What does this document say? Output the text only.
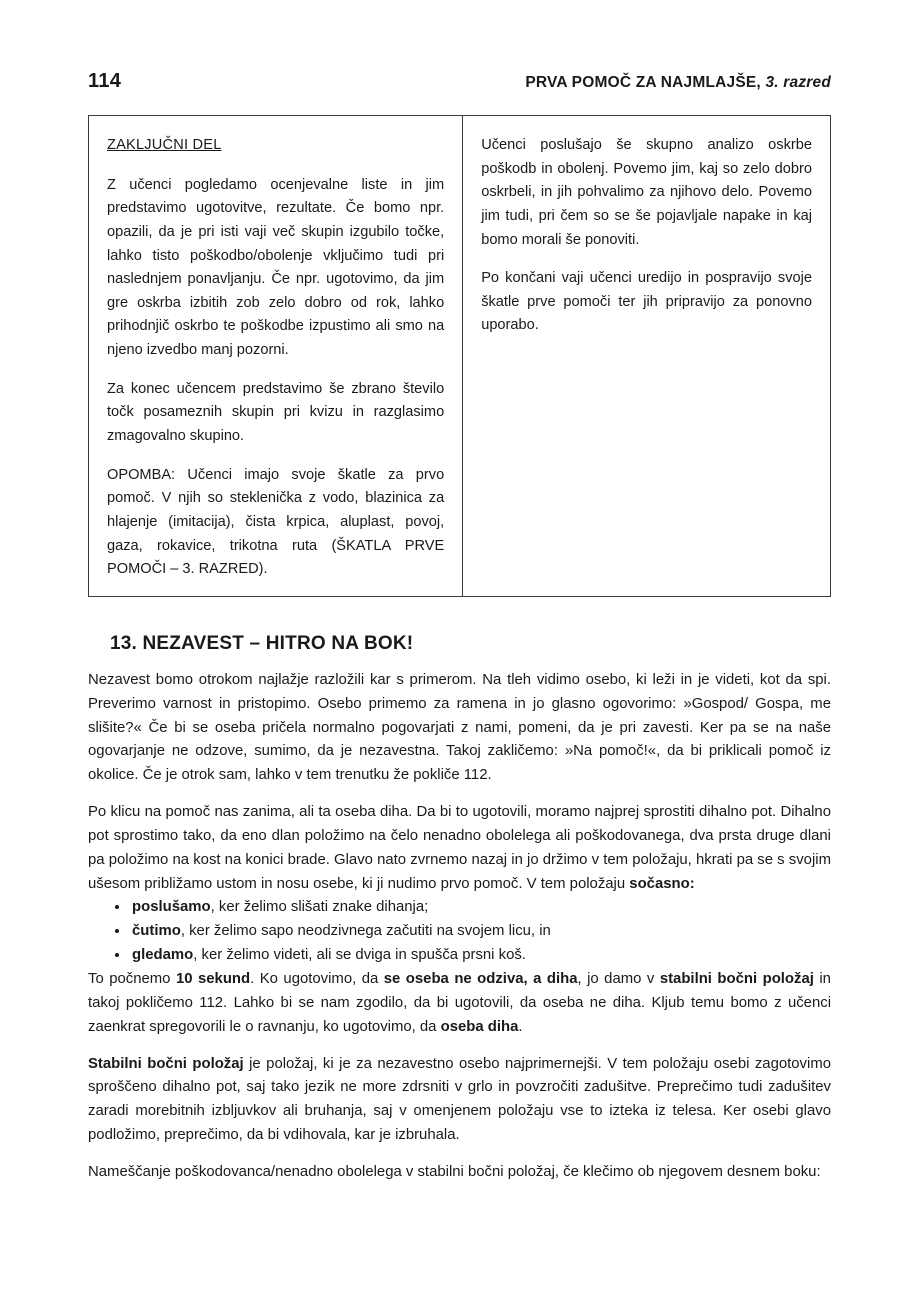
114	PRVA POMOČ ZA NAJMLAJŠE, 3. razred
ZAKLJUČNI DEL

Z učenci pogledamo ocenjevalne liste in jim predstavimo ugotovitve, rezultate. Če bomo npr. opazili, da je pri isti vaji več skupin izgubilo točke, lahko tisto poškodbo/obolenje vključimo tudi pri naslednjem ponavljanju. Če npr. ugotovimo, da jim gre oskrba izbitih zob zelo dobro od rok, lahko prihodnjič oskrbo te poškodbe izpustimo ali smo na njeno izvedbo manj pozorni.

Za konec učencem predstavimo še zbrano število točk posameznih skupin pri kvizu in razglasimo zmagovalno skupino.

OPOMBA: Učenci imajo svoje škatle za prvo pomoč. V njih so steklenička z vodo, blazinica za hlajenje (imitacija), čista krpica, aluplast, povoj, gaza, rokavice, trikotna ruta (ŠKATLA PRVE POMOČI – 3. RAZRED).

Učenci poslušajo še skupno analizo oskrbe poškodb in obolenj. Povemo jim, kaj so zelo dobro oskrbeli, in jih pohvalimo za njihovo delo. Povemo jim tudi, pri čem so se še pojavljale napake in kaj bomo morali še ponoviti.

Po končani vaji učenci uredijo in pospravijo svoje škatle prve pomoči ter jih pripravijo za ponovno uporabo.

13. NEZAVEST – HITRO NA BOK!

Nezavest bomo otrokom najlažje razložili kar s primerom. Na tleh vidimo osebo, ki leži in je videti, kot da spi. Preverimo varnost in pristopimo. Osebo primemo za ramena in jo glasno ogovorimo: »Gospod/ Gospa, me slišite?« Če bi se oseba pričela normalno pogovarjati z nami, pomeni, da je pri zavesti. Ker pa se na naše ogovarjanje ne odzove, sumimo, da je nezavestna. Takoj zakličemo: »Na pomoč!«, da bi priklicali pomoč iz okolice. Če je otrok sam, lahko v tem trenutku že pokliče 112.

Po klicu na pomoč nas zanima, ali ta oseba diha. Da bi to ugotovili, moramo najprej sprostiti dihalno pot. Dihalno pot sprostimo tako, da eno dlan položimo na čelo nenadno obolelega ali poškodovanega, dva prsta druge dlani pa položimo na kost na konici brade. Glavo nato zvrnemo nazaj in jo držimo v tem položaju, hkrati pa se s svojim ušesom približamo ustom in nosu osebe, ki ji nudimo prvo pomoč. V tem položaju sočasno:

• poslušamo, ker želimo slišati znake dihanja;
• čutimo, ker želimo sapo neodzivnega začutiti na svojem licu, in
• gledamo, ker želimo videti, ali se dviga in spušča prsni koš.

To počnemo 10 sekund. Ko ugotovimo, da se oseba ne odziva, a diha, jo damo v stabilni bočni položaj in takoj pokličemo 112. Lahko bi se nam zgodilo, da bi ugotovili, da oseba ne diha. Kljub temu bomo z učenci zaenkrat spregovorili le o ravnanju, ko ugotovimo, da oseba diha.

Stabilni bočni položaj je položaj, ki je za nezavestno osebo najprimernejši. V tem položaju osebi zagotovimo sproščeno dihalno pot, saj tako jezik ne more zdrsniti v grlo in povzročiti zadušitve. Preprečimo tudi zadušitev zaradi morebitnih izbljuvkov ali bruhanja, saj v omenjenem položaju vse to izteka iz telesa. Ker osebi glavo podložimo, preprečimo, da bi vdihovala, kar je izbruhala.

Nameščanje poškodovanca/nenadno obolelega v stabilni bočni položaj, če klečimo ob njegovem desnem boku:
